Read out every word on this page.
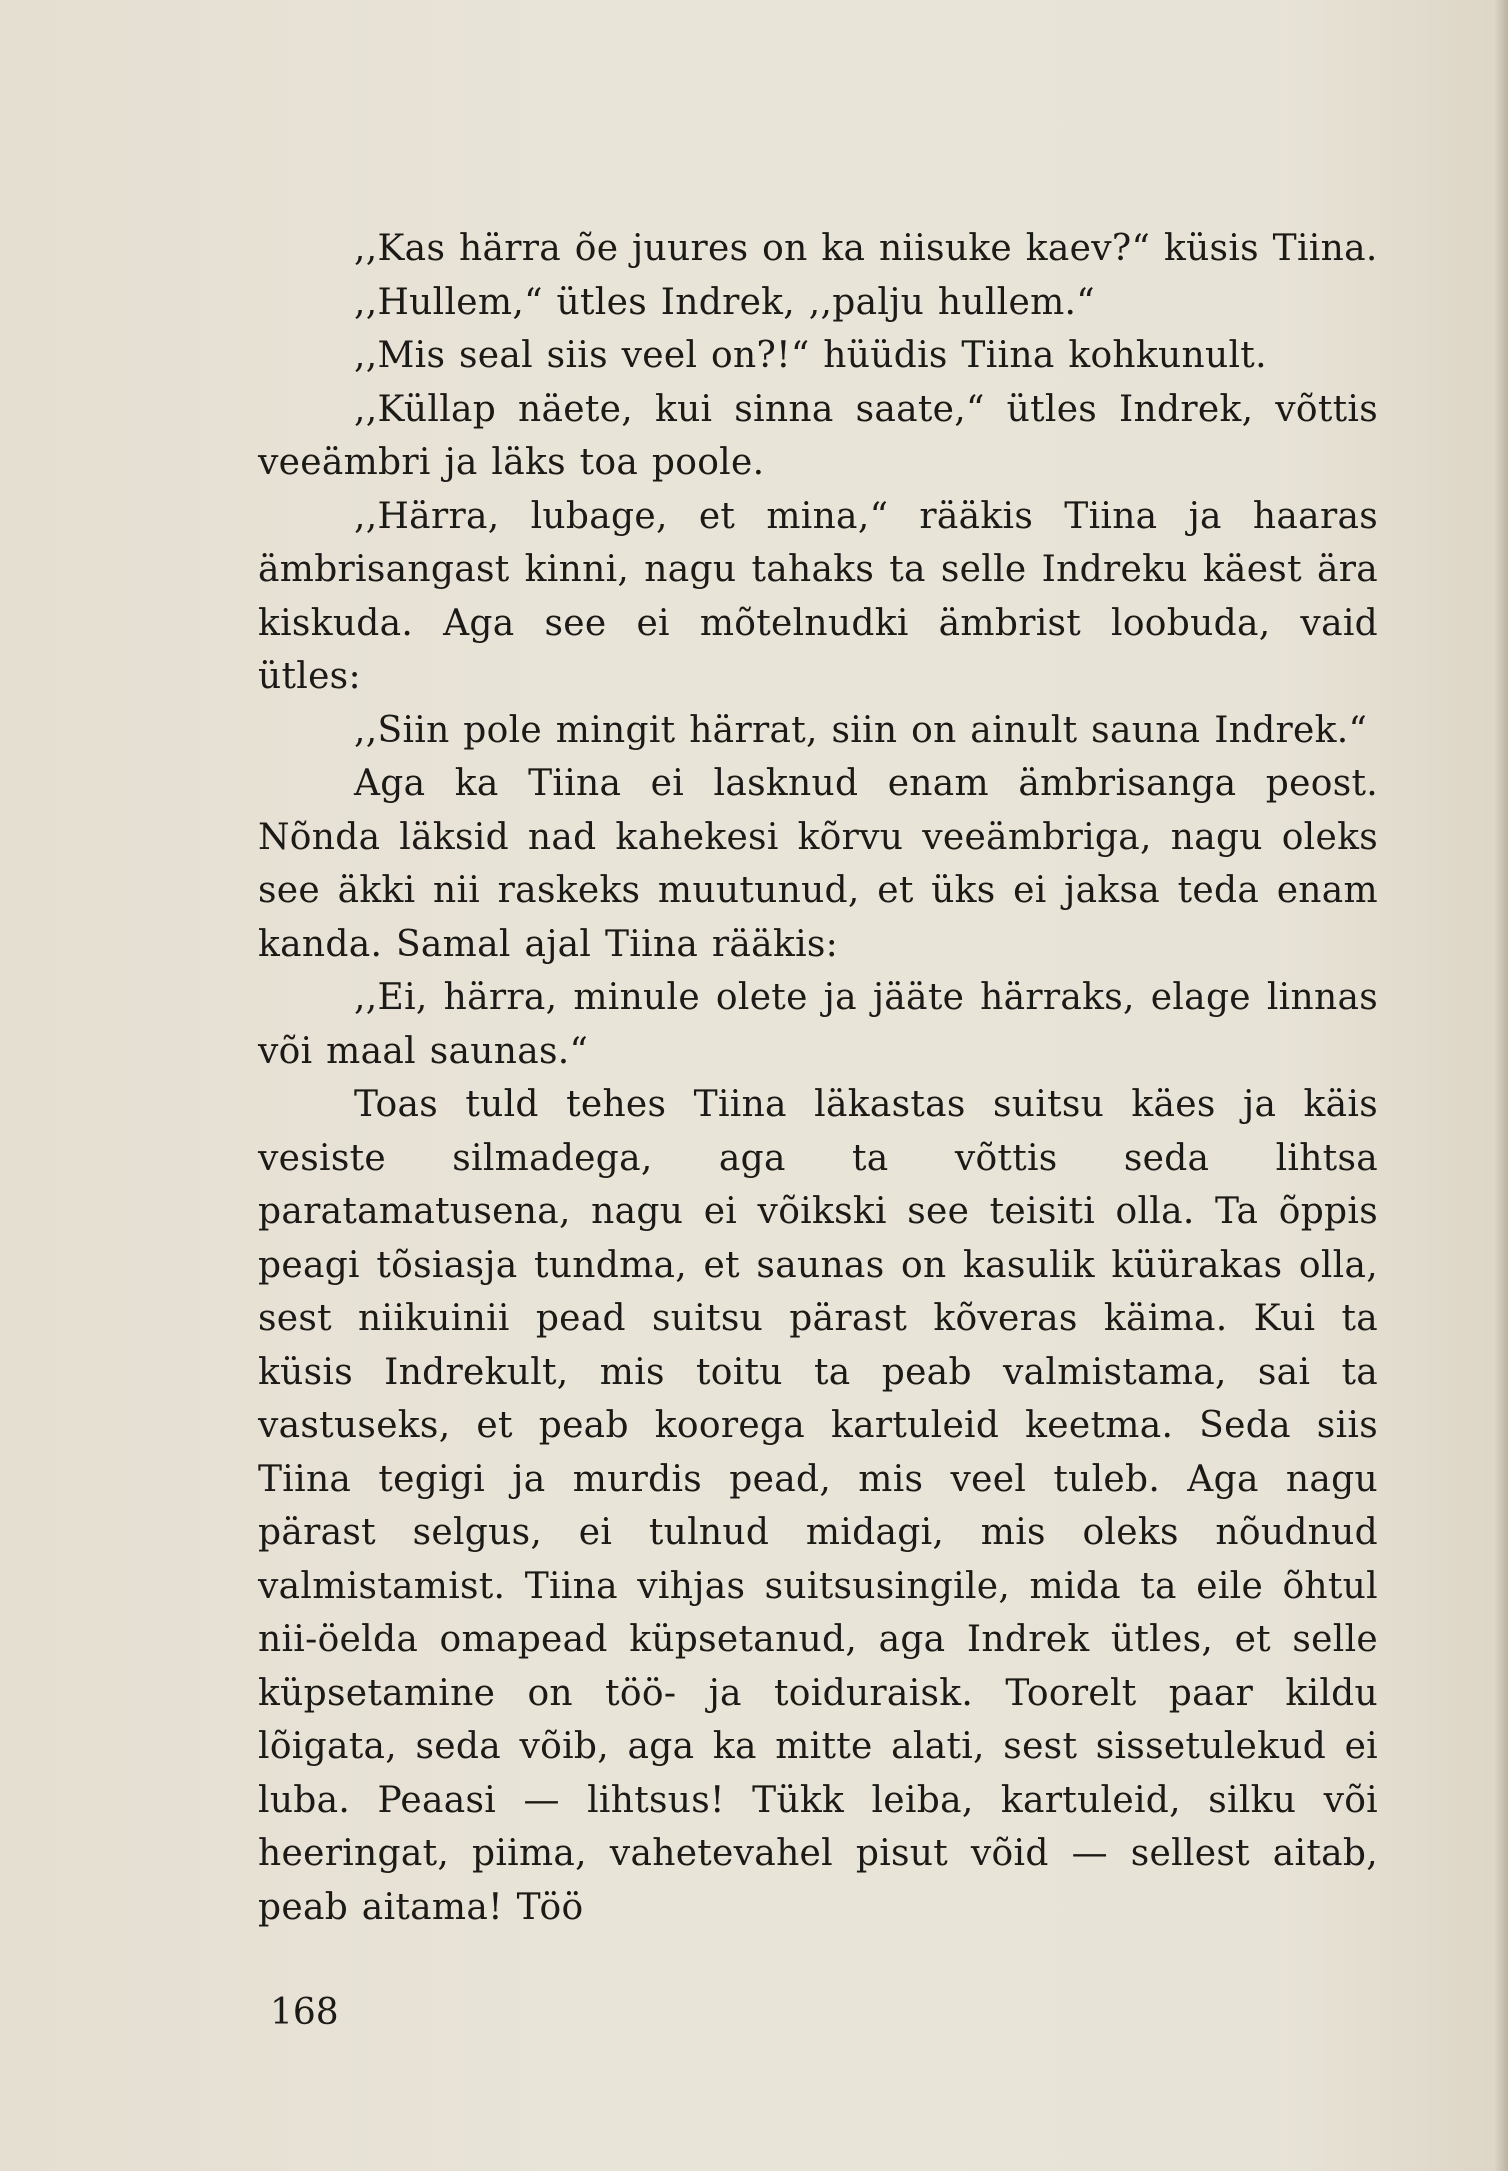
,,Kas härra õe juures on ka niisuke kaev?“ küsis Tiina.

,,Hullem,“ ütles Indrek, ,,palju hullem.“

,,Mis seal siis veel on?!“ hüüdis Tiina kohkunult.

,,Küllap näete, kui sinna saate,“ ütles Indrek, võttis veeämbri ja läks toa poole.

,,Härra, lubage, et mina,“ rääkis Tiina ja haaras ämbrisangast kinni, nagu tahaks ta selle Indreku käest ära kiskuda. Aga see ei mõtelnudki ämbrist loobuda, vaid ütles:

,,Siin pole mingit härrat, siin on ainult sauna Indrek.“

Aga ka Tiina ei lasknud enam ämbrisanga peost. Nõnda läksid nad kahekesi kõrvu veeämbriga, nagu oleks see äkki nii raskeks muutunud, et üks ei jaksa teda enam kanda. Samal ajal Tiina rääkis:

,,Ei, härra, minule olete ja jääte härraks, elage linnas või maal saunas.“

Toas tuld tehes Tiina läkastas suitsu käes ja käis vesiste silmadega, aga ta võttis seda lihtsa paratamatusena, nagu ei võikski see teisiti olla. Ta õppis peagi tõsiasja tundma, et saunas on kasulik küürakas olla, sest niikuinii pead suitsu pärast kõveras käima. Kui ta küsis Indrekult, mis toitu ta peab valmistama, sai ta vastuseks, et peab koorega kartuleid keetma. Seda siis Tiina tegigi ja murdis pead, mis veel tuleb. Aga nagu pärast selgus, ei tulnud midagi, mis oleks nõudnud valmistamist. Tiina vihjas suitsusingile, mida ta eile õhtul nii-öelda omapead küpsetanud, aga Indrek ütles, et selle küpsetamine on töö- ja toiduraisk. Toorelt paar kildu lõigata, seda võib, aga ka mitte alati, sest sissetulekud ei luba. Peaasi — lihtsus! Tükk leiba, kartuleid, silku või heeringat, piima, vahetevahel pisut võid — sellest aitab, peab aitama! Töö

168
